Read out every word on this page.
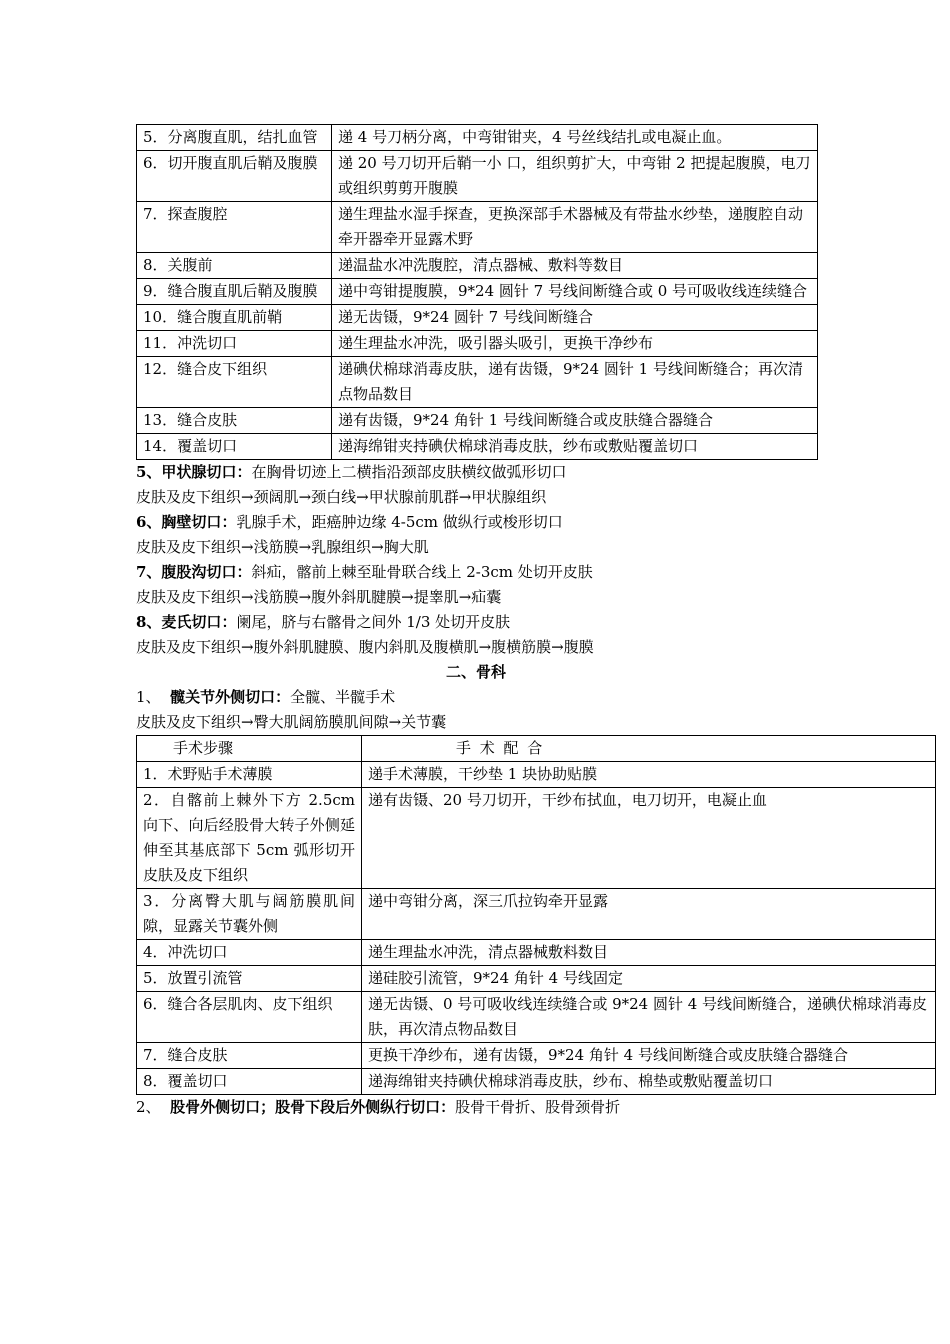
5．分离腹直肌，结扎血管	递 4 号刀柄分离，中弯钳钳夹，4 号丝线结扎或电凝止血。
6．切开腹直肌后鞘及腹膜	递 20 号刀切开后鞘一小 口，组织剪扩大，中弯钳 2 把提起腹膜，电刀或组织剪剪开腹膜
7．探查腹腔	递生理盐水湿手探查，更换深部手术器械及有带盐水纱垫，递腹腔自动牵开器牵开显露术野
8．关腹前	递温盐水冲洗腹腔，清点器械、敷料等数目
9．缝合腹直肌后鞘及腹膜	递中弯钳提腹膜，9*24 圆针 7 号线间断缝合或 0 号可吸收线连续缝合
10．缝合腹直肌前鞘	递无齿镊，9*24 圆针 7 号线间断缝合
11．冲洗切口	递生理盐水冲洗，吸引器头吸引，更换干净纱布
12．缝合皮下组织	递碘伏棉球消毒皮肤，递有齿镊，9*24 圆针 1 号线间断缝合；再次清点物品数目
13．缝合皮肤	递有齿镊，9*24 角针 1 号线间断缝合或皮肤缝合器缝合
14．覆盖切口	递海绵钳夹持碘伏棉球消毒皮肤，纱布或敷贴覆盖切口
5、甲状腺切口：在胸骨切迹上二横指沿颈部皮肤横纹做弧形切口
皮肤及皮下组织→颈阔肌→颈白线→甲状腺前肌群→甲状腺组织
6、胸壁切口：乳腺手术，距癌肿边缘 4-5cm 做纵行或梭形切口
皮肤及皮下组织→浅筋膜→乳腺组织→胸大肌
7、腹股沟切口：斜疝，髂前上棘至耻骨联合线上 2-3cm 处切开皮肤
皮肤及皮下组织→浅筋膜→腹外斜肌腱膜→提睾肌→疝囊
8、麦氏切口：阑尾，脐与右髂骨之间外 1/3 处切开皮肤
皮肤及皮下组织→腹外斜肌腱膜、腹内斜肌及腹横肌→腹横筋膜→腹膜
二、骨科
1、 髋关节外侧切口：全髋、半髋手术
皮肤及皮下组织→臀大肌阔筋膜肌间隙→关节囊
手术步骤	手 术 配 合
1．术野贴手术薄膜	递手术薄膜，干纱垫 1 块协助贴膜
2．自髂前上棘外下方 2.5cm 向下、向后经股骨大转子外侧延伸至其基底部下 5cm 弧形切开皮肤及皮下组织	递有齿镊、20 号刀切开，干纱布拭血，电刀切开，电凝止血
3．分离臀大肌与阔筋膜肌间隙，显露关节囊外侧	递中弯钳分离，深三爪拉钩牵开显露
4．冲洗切口	递生理盐水冲洗，清点器械敷料数目
5．放置引流管	递硅胶引流管，9*24 角针 4 号线固定
6．缝合各层肌肉、皮下组织	递无齿镊、0 号可吸收线连续缝合或 9*24 圆针 4 号线间断缝合，递碘伏棉球消毒皮肤，再次清点物品数目
7．缝合皮肤	更换干净纱布，递有齿镊，9*24 角针 4 号线间断缝合或皮肤缝合器缝合
8．覆盖切口	递海绵钳夹持碘伏棉球消毒皮肤，纱布、棉垫或敷贴覆盖切口
2、 股骨外侧切口；股骨下段后外侧纵行切口：股骨干骨折、股骨颈骨折
